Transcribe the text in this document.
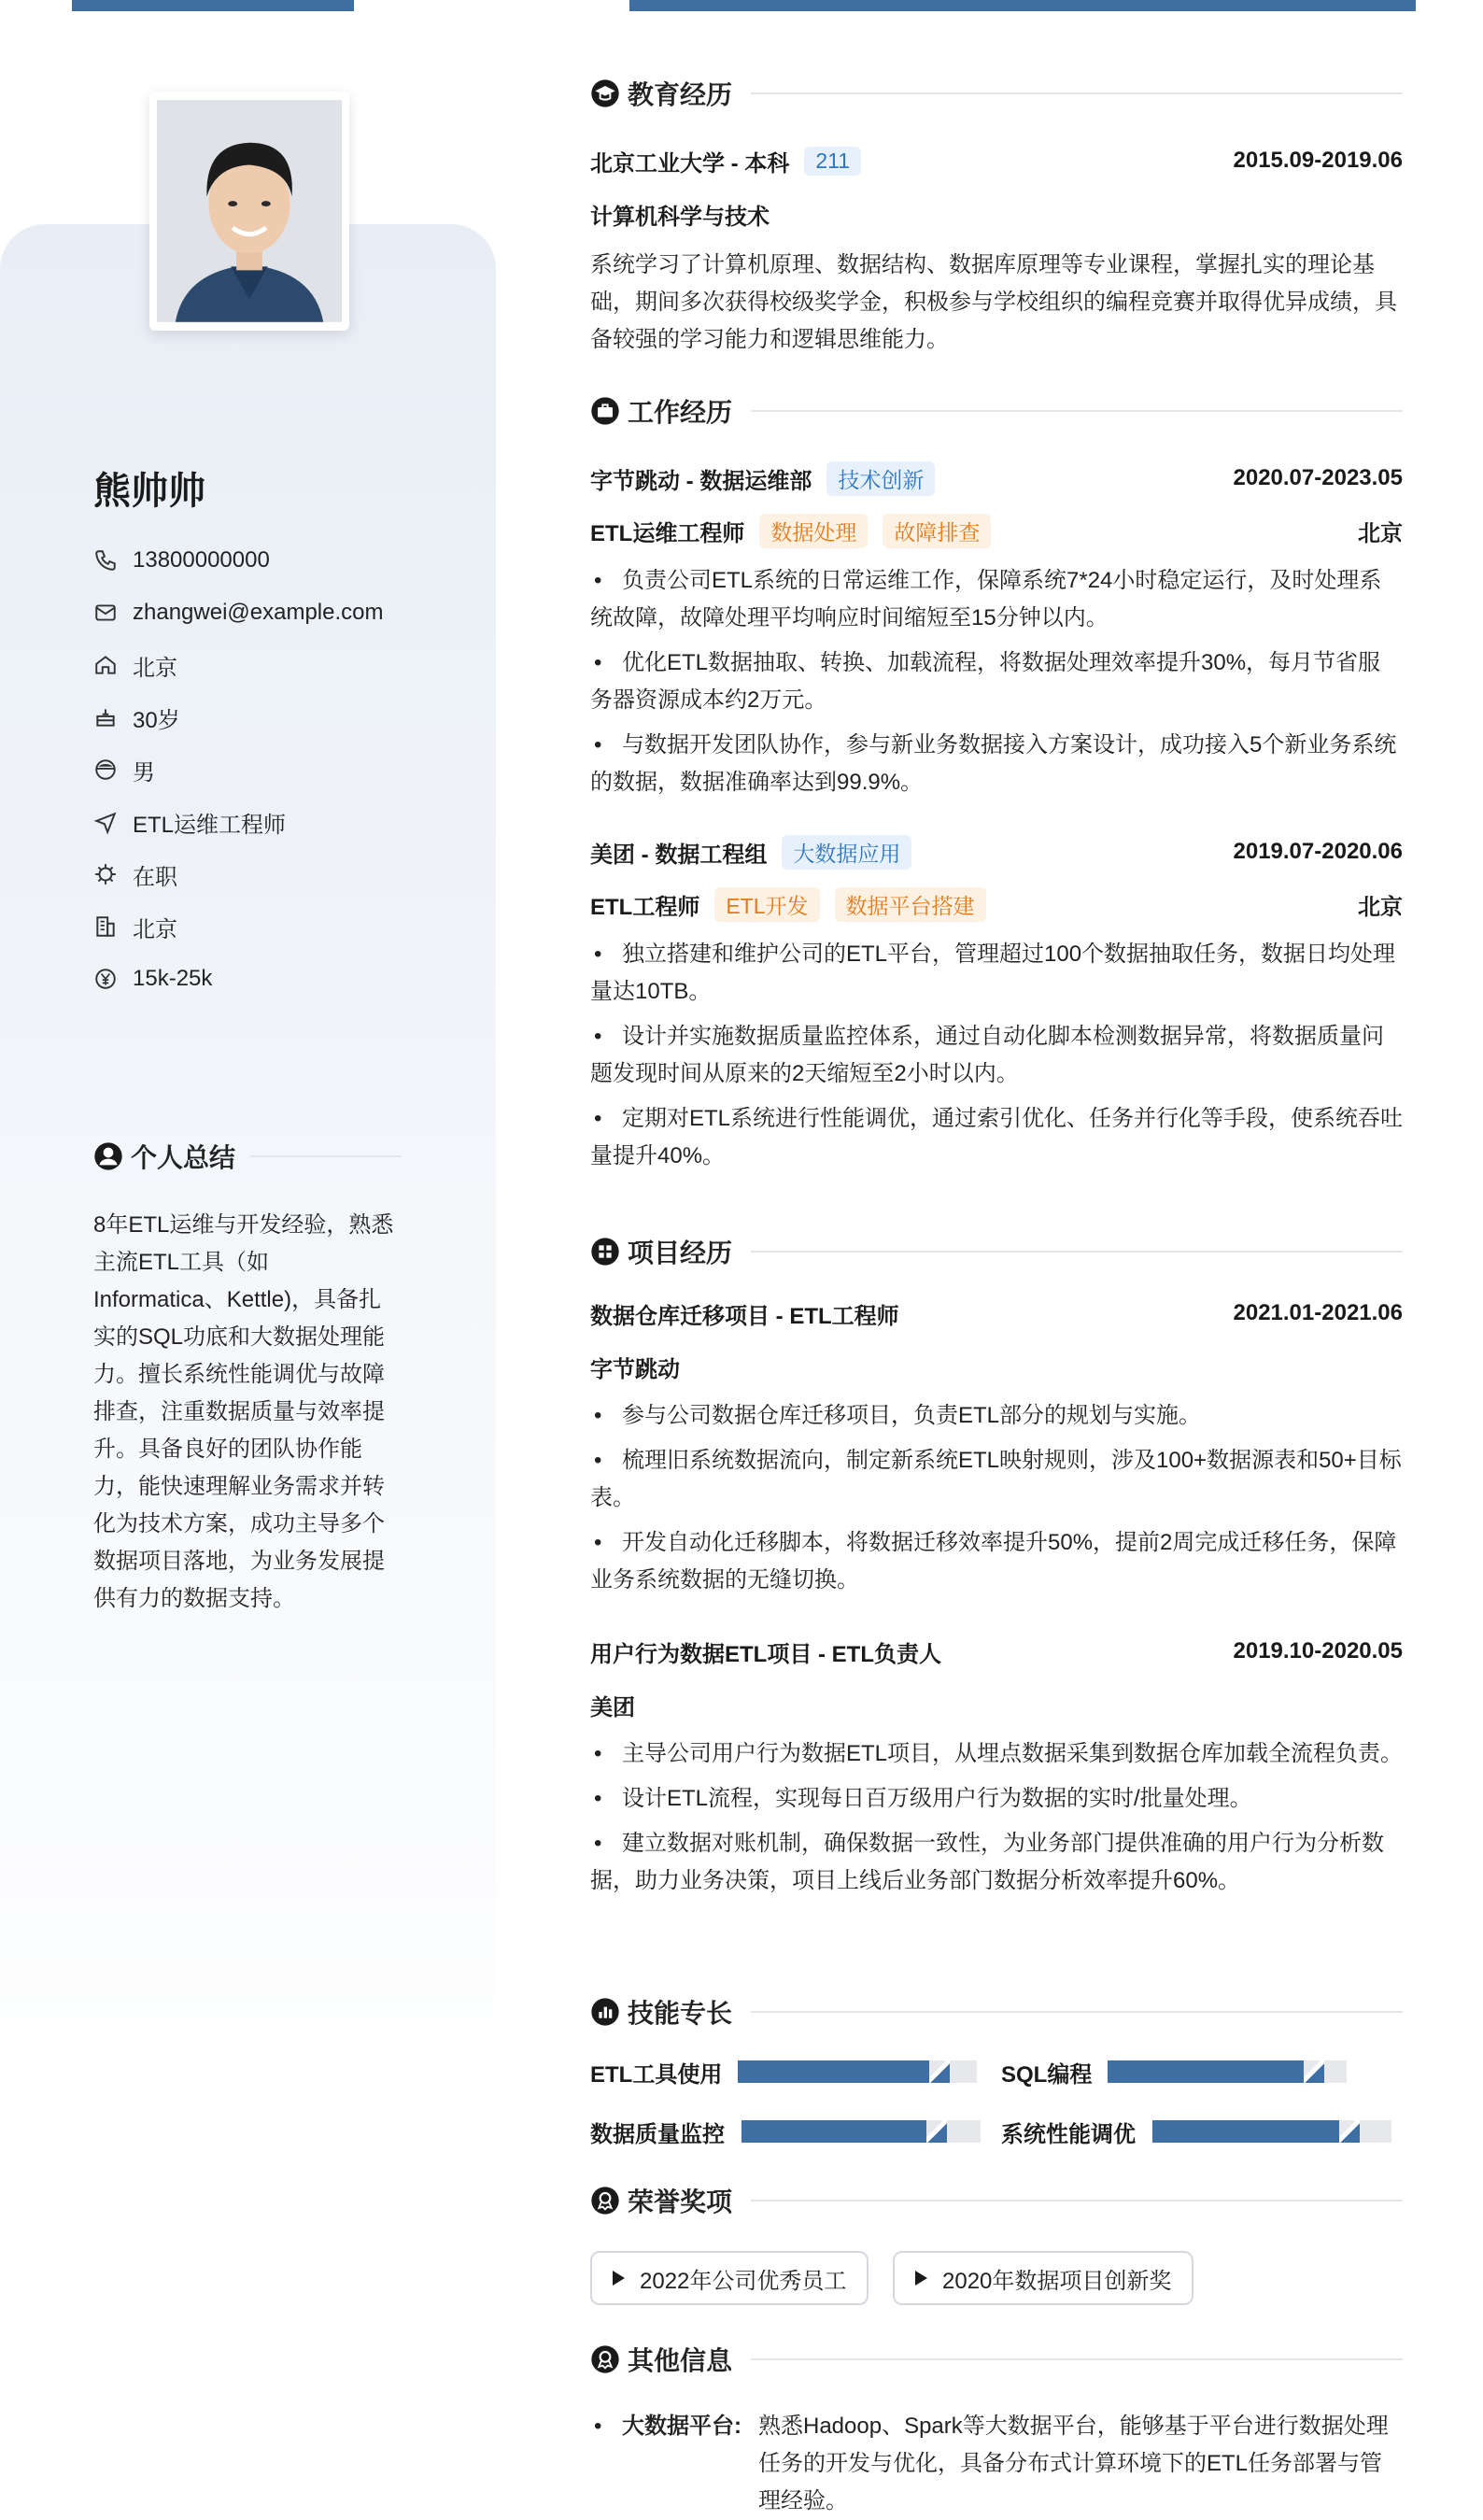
熊帅帅
13800000000
zhangwei@example.com
北京
30岁
男
ETL运维工程师
在职
北京
15k-25k
个人总结
8年ETL运维与开发经验，熟悉主流ETL工具（如Informatica、Kettle)，具备扎实的SQL功底和大数据处理能力。擅长系统性能调优与故障排查，注重数据质量与效率提升。具备良好的团队协作能力，能快速理解业务需求并转化为技术方案，成功主导多个数据项目落地，为业务发展提供有力的数据支持。
教育经历
北京工业大学 - 本科	211	2015.09-2019.06
计算机科学与技术
系统学习了计算机原理、数据结构、数据库原理等专业课程，掌握扎实的理论基础，期间多次获得校级奖学金，积极参与学校组织的编程竞赛并取得优异成绩，具备较强的学习能力和逻辑思维能力。
工作经历
字节跳动 - 数据运维部	技术创新	2020.07-2023.05
ETL运维工程师	数据处理	故障排查	北京
•负责公司ETL系统的日常运维工作，保障系统7*24小时稳定运行，及时处理系统故障，故障处理平均响应时间缩短至15分钟以内。
•优化ETL数据抽取、转换、加载流程，将数据处理效率提升30%，每月节省服务器资源成本约2万元。
•与数据开发团队协作，参与新业务数据接入方案设计，成功接入5个新业务系统的数据，数据准确率达到99.9%。
美团 - 数据工程组	大数据应用	2019.07-2020.06
ETL工程师	ETL开发	数据平台搭建	北京
•独立搭建和维护公司的ETL平台，管理超过100个数据抽取任务，数据日均处理量达10TB。
•设计并实施数据质量监控体系，通过自动化脚本检测数据异常，将数据质量问题发现时间从原来的2天缩短至2小时以内。
•定期对ETL系统进行性能调优，通过索引优化、任务并行化等手段，使系统吞吐量提升40%。
项目经历
数据仓库迁移项目 - ETL工程师	2021.01-2021.06
字节跳动
•参与公司数据仓库迁移项目，负责ETL部分的规划与实施。
•梳理旧系统数据流向，制定新系统ETL映射规则，涉及100+数据源表和50+目标表。
•开发自动化迁移脚本，将数据迁移效率提升50%，提前2周完成迁移任务，保障业务系统数据的无缝切换。
用户行为数据ETL项目 - ETL负责人	2019.10-2020.05
美团
•主导公司用户行为数据ETL项目，从埋点数据采集到数据仓库加载全流程负责。
•设计ETL流程，实现每日百万级用户行为数据的实时/批量处理。
•建立数据对账机制，确保数据一致性，为业务部门提供准确的用户行为分析数据，助力业务决策，项目上线后业务部门数据分析效率提升60%。
技能专长
ETL工具使用	SQL编程
数据质量监控	系统性能调优
荣誉奖项
2022年公司优秀员工	2020年数据项目创新奖
其他信息
•
大数据平台: 熟悉Hadoop、Spark等大数据平台，能够基于平台进行数据处理任务的开发与优化，具备分布式计算环境下的ETL任务部署与管理经验。
